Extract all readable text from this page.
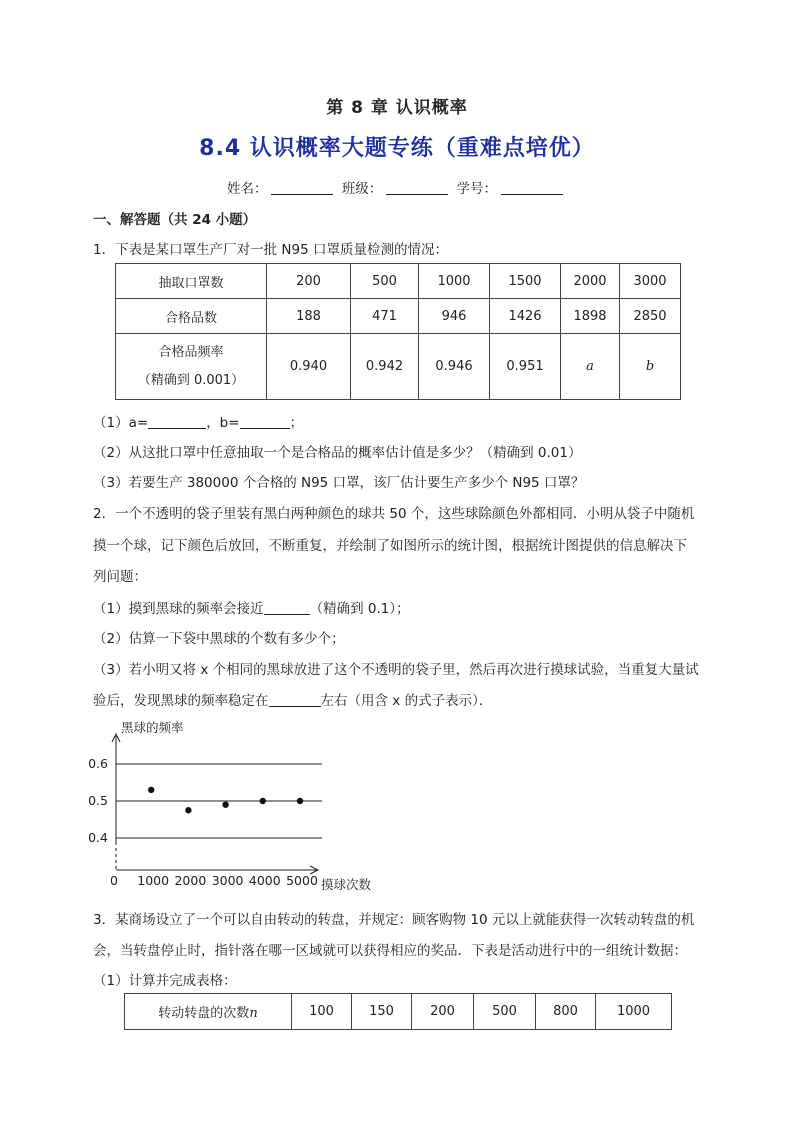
第 8 章 认识概率
8.4 认识概率大题专练（重难点培优）
姓名：	班级：	学号：
一、解答题（共 24 小题）
1．下表是某口罩生产厂对一批 N95 口罩质量检测的情况：
抽取口罩数	200	500	1000	1500	2000	3000
合格品数	188	471	946	1426	1898	2850

合格品频率
（精确到 0.001）	0.940	0.942	0.946	0.951	a	b
（1）a=	，b=	；
（2）从这批口罩中任意抽取一个是合格品的概率估计值是多少？（精确到 0.01）
（3）若要生产 380000 个合格的 N95 口罩，该厂估计要生产多少个 N95 口罩？
2．一个不透明的袋子里装有黑白两种颜色的球共 50 个，这些球除颜色外都相同．小明从袋子中随机
摸一个球，记下颜色后放回，不断重复，并绘制了如图所示的统计图，根据统计图提供的信息解决下
列问题：
（1）摸到黑球的频率会接近	（精确到 0.1）；
（2）估算一下袋中黑球的个数有多少个；
（3）若小明又将 x 个相同的黑球放进了这个不透明的袋子里，然后再次进行摸球试验，当重复大量试
验后，发现黑球的频率稳定在	左右（用含 x 的式子表示）．
0.4
0.5
0.6
0 1000 2000 3000 4000 5000
黑球的频率
摸球次数
3．某商场设立了一个可以自由转动的转盘，并规定：顾客购物 10 元以上就能获得一次转动转盘的机
会，当转盘停止时，指针落在哪一区域就可以获得相应的奖品．下表是活动进行中的一组统计数据：
（1）计算并完成表格：
转动转盘的次数n	100	150	200	500	800	1000
